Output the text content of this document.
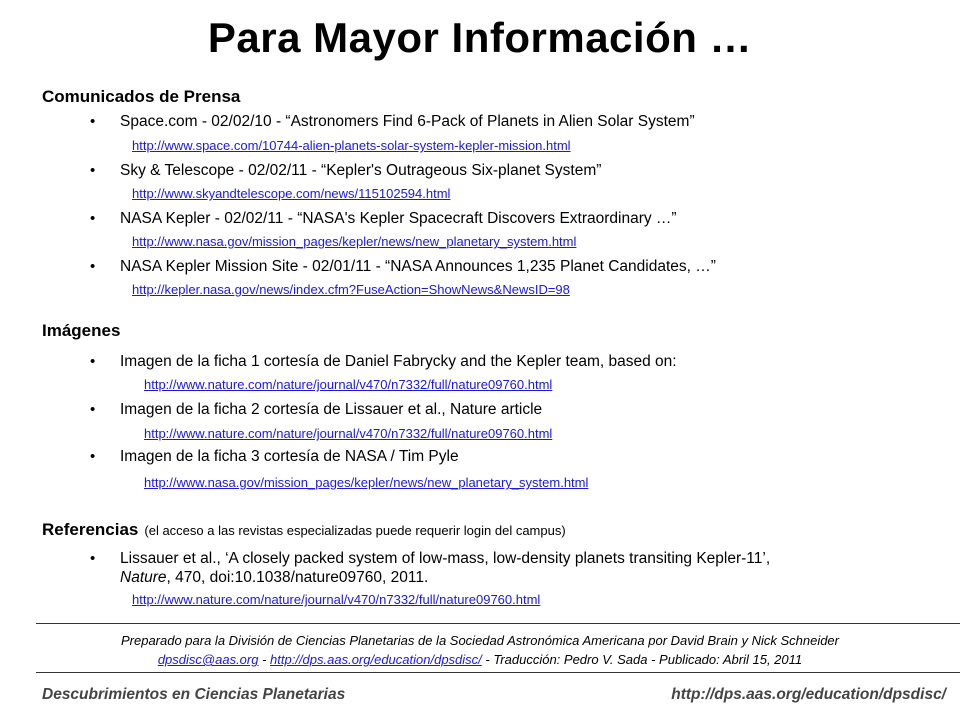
Para Mayor Información …
Comunicados de Prensa
• Space.com - 02/02/10 - “Astronomers Find 6-Pack of Planets in Alien Solar System”
http://www.space.com/10744-alien-planets-solar-system-kepler-mission.html
• Sky & Telescope - 02/02/11 - “Kepler's Outrageous Six-planet System”
http://www.skyandtelescope.com/news/115102594.html
• NASA Kepler - 02/02/11 - “NASA's Kepler Spacecraft Discovers Extraordinary …”
http://www.nasa.gov/mission_pages/kepler/news/new_planetary_system.html
• NASA Kepler Mission Site - 02/01/11 - “NASA Announces 1,235 Planet Candidates, …”
http://kepler.nasa.gov/news/index.cfm?FuseAction=ShowNews&NewsID=98
Imágenes
• Imagen de la ficha 1 cortesía de Daniel Fabrycky and the Kepler team, based on:
http://www.nature.com/nature/journal/v470/n7332/full/nature09760.html
• Imagen de la ficha 2 cortesía de Lissauer et al., Nature article
http://www.nature.com/nature/journal/v470/n7332/full/nature09760.html
• Imagen de la ficha 3 cortesía de NASA / Tim Pyle
http://www.nasa.gov/mission_pages/kepler/news/new_planetary_system.html
Referencias (el acceso a las revistas especializadas puede requerir login del campus)
• Lissauer et al., ‘A closely packed system of low-mass, low-density planets transiting Kepler-11’,
Nature, 470, doi:10.1038/nature09760, 2011.
http://www.nature.com/nature/journal/v470/n7332/full/nature09760.html
Preparado para la División de Ciencias Planetarias de la Sociedad Astronómica Americana por David Brain y Nick Schneider
dpsdisc@aas.org - http://dps.aas.org/education/dpsdisc/ - Traducción: Pedro V. Sada - Publicado: Abril 15, 2011
Descubrimientos en Ciencias Planetarias	http://dps.aas.org/education/dpsdisc/
